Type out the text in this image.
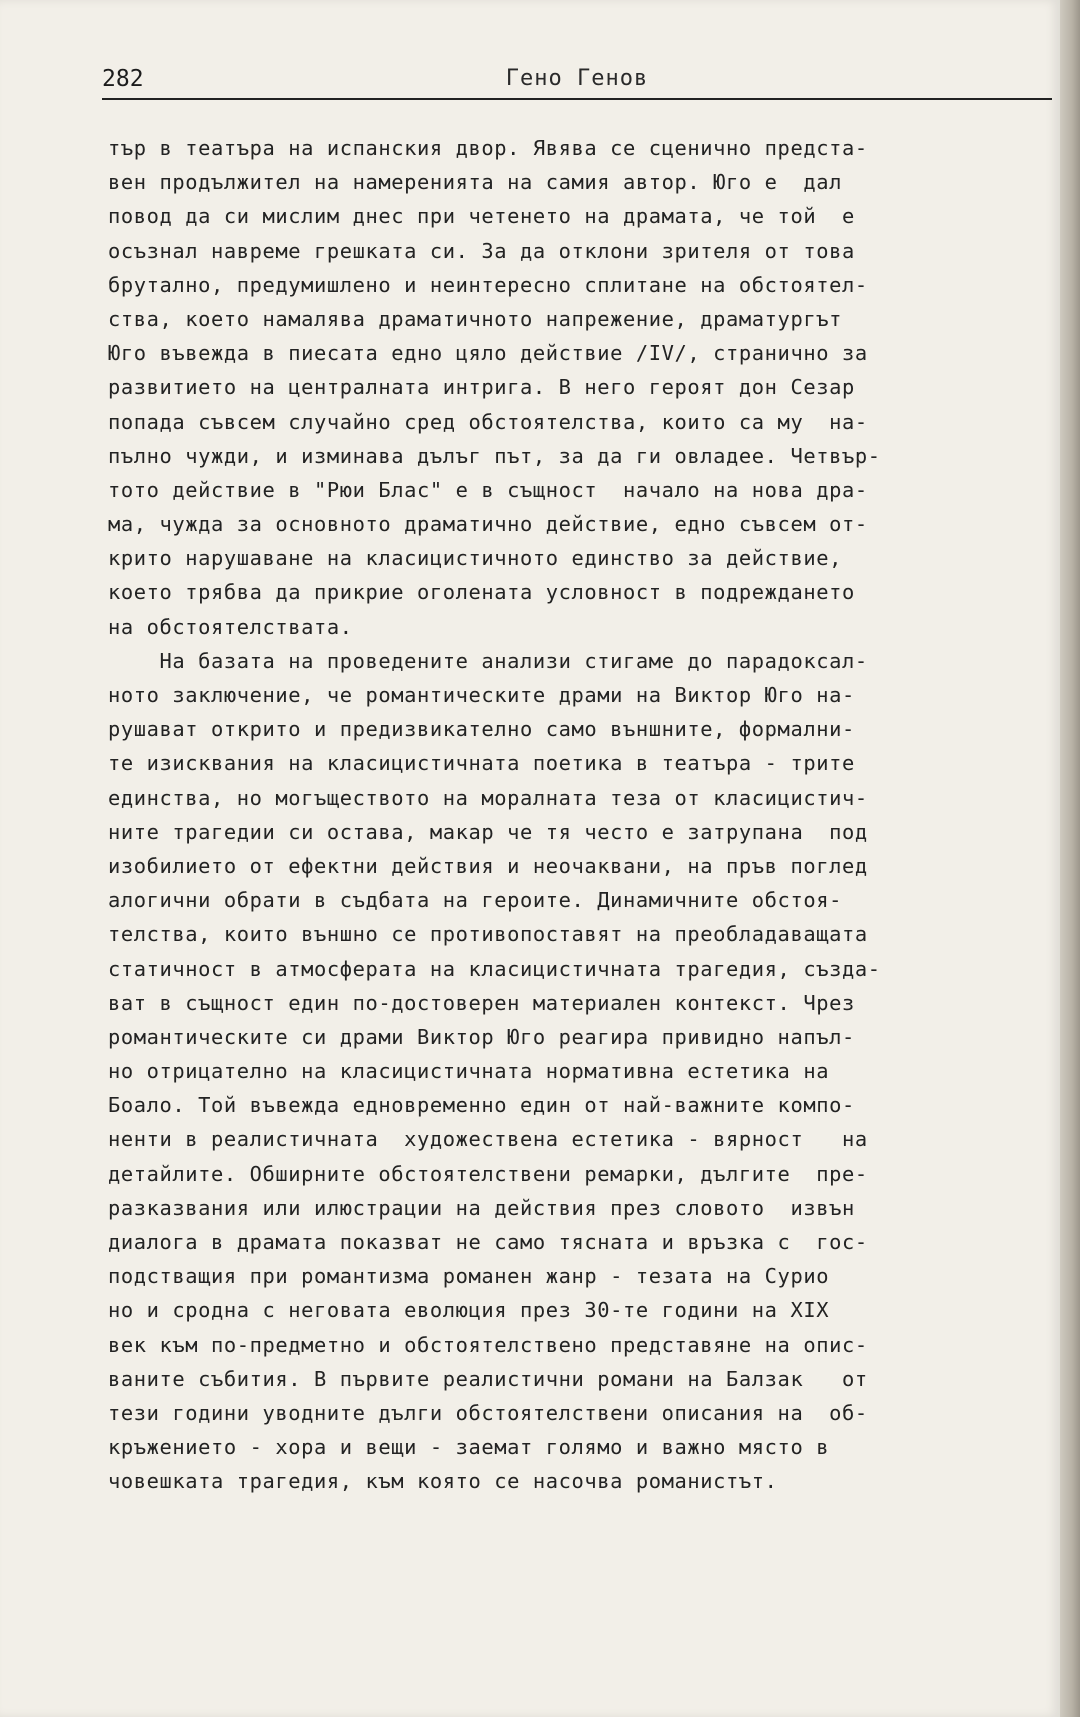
282	Гено Генов
тър в театъра на испанския двор. Явява се сценично предста-
вен продължител на намеренията на самия автор. Юго е  дал
повод да си мислим днес при четенето на драмата, че той  е
осъзнал навреме грешката си. За да отклони зрителя от това
брутално, предумишлено и неинтересно сплитане на обстоятел-
ства, което намалява драматичното напрежение, драматургът
Юго въвежда в пиесата едно цяло действие /IV/, странично за
развитието на централната интрига. В него героят дон Сезар
попада съвсем случайно сред обстоятелства, които са му  на-
пълно чужди, и изминава дълъг път, за да ги овладее. Четвър-
тото действие в "Рюи Блас" е в същност  начало на нова дра-
ма, чужда за основното драматично действие, едно съвсем от-
крито нарушаване на класицистичното единство за действие,
което трябва да прикрие оголената условност в подреждането
на обстоятелствата.
На базата на проведените анализи стигаме до парадоксал-
ното заключение, че романтическите драми на Виктор Юго на-
рушават открито и предизвикателно само външните, формални-
те изисквания на класицистичната поетика в театъра - трите
единства, но могъществото на моралната теза от класицистич-
ните трагедии си остава, макар че тя често е затрупана  под
изобилието от ефектни действия и неочаквани, на пръв поглед
алогични обрати в съдбата на героите. Динамичните обстоя-
телства, които външно се противопоставят на преобладаващата
статичност в атмосферата на класицистичната трагедия, създа-
ват в същност един по-достоверен материален контекст. Чрез
романтическите си драми Виктор Юго реагира привидно напъл-
но отрицателно на класицистичната нормативна естетика на
Боало. Той въвежда едновременно един от най-важните компо-
ненти в реалистичната  художествена естетика - вярност   на
детайлите. Обширните обстоятелствени ремарки, дългите  пре-
разказвания или илюстрации на действия през словото  извън
диалога в драмата показват не само тясната и връзка с  гос-
подстващия при романтизма романен жанр - тезата на Сурио
но и сродна с неговата еволюция през 30-те години на XIX
век към по-предметно и обстоятелствено представяне на опис-
ваните събития. В първите реалистични романи на Балзак   от
тези години уводните дълги обстоятелствени описания на  об-
кръжението - хора и вещи - заемат голямо и важно място в
човешката трагедия, към която се насочва романистът.
